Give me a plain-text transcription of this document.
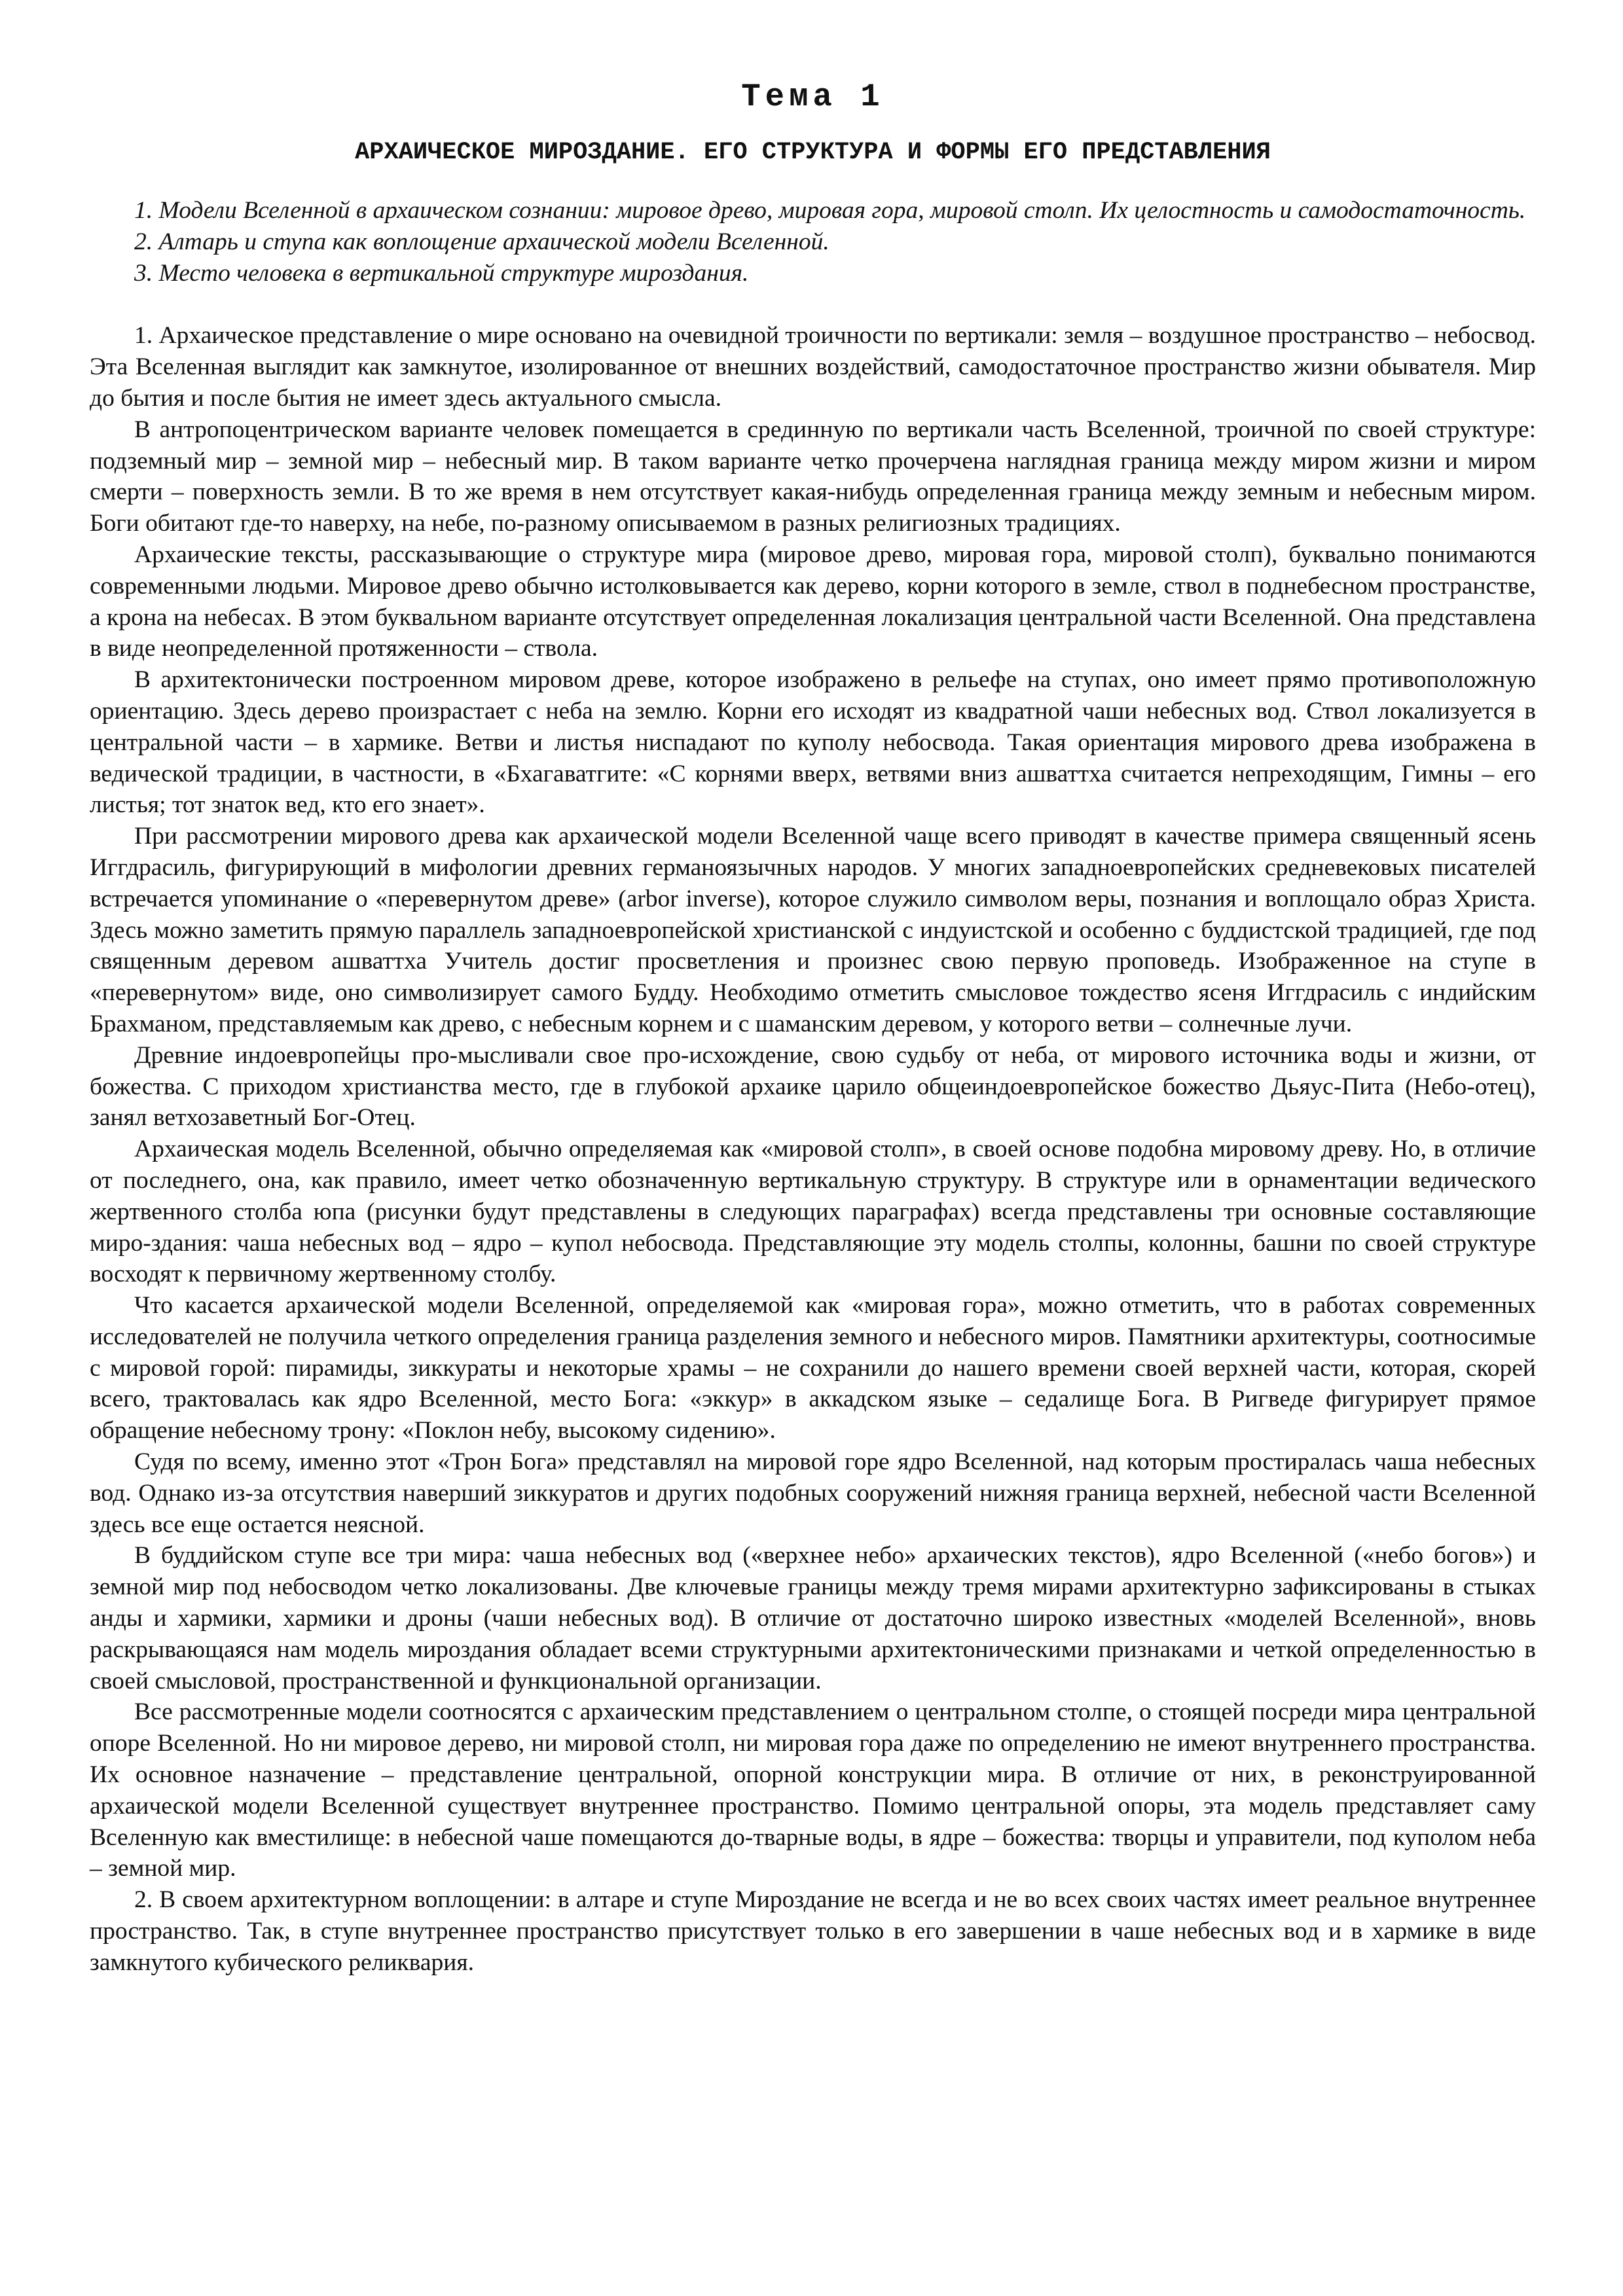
Тема 1
АРХАИЧЕСКОЕ МИРОЗДАНИЕ. ЕГО СТРУКТУРА И ФОРМЫ ЕГО ПРЕДСТАВЛЕНИЯ

1. Модели Вселенной в архаическом сознании: мировое древо, мировая гора, мировой столп. Их целостность и самодостаточность.

2. Алтарь и ступа как воплощение архаической модели Вселенной.

3. Место человека в вертикальной структуре мироздания.

1. Архаическое представление о мире основано на очевидной троичности по вертикали: земля – воздушное пространство – небосвод. Эта Вселенная выглядит как замкнутое, изолированное от внешних воздействий, самодостаточное пространство жизни обывателя. Мир до бытия и после бытия не имеет здесь актуального смысла.

В антропоцентрическом варианте человек помещается в срединную по вертикали часть Вселенной, троичной по своей структуре: подземный мир – земной мир – небесный мир. В таком варианте четко прочерчена наглядная граница между миром жизни и миром смерти – поверхность земли. В то же время в нем отсутствует какая-нибудь определенная граница между земным и небесным миром. Боги обитают где-то наверху, на небе, по-разному описываемом в разных религиозных традициях.

Архаические тексты, рассказывающие о структуре мира (мировое древо, мировая гора, мировой столп), буквально понимаются современными людьми. Мировое древо обычно истолковывается как дерево, корни которого в земле, ствол в поднебесном пространстве, а крона на небесах. В этом буквальном варианте отсутствует определенная локализация центральной части Вселенной. Она представлена в виде неопределенной протяженности – ствола.

В архитектонически построенном мировом древе, которое изображено в рельефе на ступах, оно имеет прямо противоположную ориентацию. Здесь дерево произрастает с неба на землю. Корни его исходят из квадратной чаши небесных вод. Ствол локализуется в центральной части – в хармике. Ветви и листья ниспадают по куполу небосвода. Такая ориентация мирового древа изображена в ведической традиции, в частности, в «Бхагаватгите: «С корнями вверх, ветвями вниз ашваттха считается непреходящим, Гимны – его листья; тот знаток вед, кто его знает».

При рассмотрении мирового древа как архаической модели Вселенной чаще всего приводят в качестве примера священный ясень Иггдрасиль, фигурирующий в мифологии древних германоязычных народов. У многих западноевропейских средневековых писателей встречается упоминание о «перевернутом древе» (arbor inverse), которое служило символом веры, познания и воплощало образ Христа. Здесь можно заметить прямую параллель западноевропейской христианской с индуистской и особенно с буддистской традицией, где под священным деревом ашваттха Учитель достиг просветления и произнес свою первую проповедь. Изображенное на ступе в «перевернутом» виде, оно символизирует самого Будду. Необходимо отметить смысловое тождество ясеня Иггдрасиль с индийским Брахманом, представляемым как древо, с небесным корнем и с шаманским деревом, у которого ветви – солнечные лучи.

Древние индоевропейцы про-мысливали свое про-исхождение, свою судьбу от неба, от мирового источника воды и жизни, от божества. С приходом христианства место, где в глубокой архаике царило общеиндоевропейское божество Дьяус-Пита (Небо-отец), занял ветхозаветный Бог-Отец.

Архаическая модель Вселенной, обычно определяемая как «мировой столп», в своей основе подобна мировому древу. Но, в отличие от последнего, она, как правило, имеет четко обозначенную вертикальную структуру. В структуре или в орнаментации ведического жертвенного столба юпа (рисунки будут представлены в следующих параграфах) всегда представлены три основные составляющие миро-здания: чаша небесных вод – ядро – купол небосвода. Представляющие эту модель столпы, колонны, башни по своей структуре восходят к первичному жертвенному столбу.

Что касается архаической модели Вселенной, определяемой как «мировая гора», можно отметить, что в работах современных исследователей не получила четкого определения граница разделения земного и небесного миров. Памятники архитектуры, соотносимые с мировой горой: пирамиды, зиккураты и некоторые храмы – не сохранили до нашего времени своей верхней части, которая, скорей всего, трактовалась как ядро Вселенной, место Бога: «эккур» в аккадском языке – седалище Бога. В Ригведе фигурирует прямое обращение небесному трону: «Поклон небу, высокому сидению».

Судя по всему, именно этот «Трон Бога» представлял на мировой горе ядро Вселенной, над которым простиралась чаша небесных вод. Однако из-за отсутствия наверший зиккуратов и других подобных сооружений нижняя граница верхней, небесной части Вселенной здесь все еще остается неясной.

В буддийском ступе все три мира: чаша небесных вод («верхнее небо» архаических текстов), ядро Вселенной («небо богов») и земной мир под небосводом четко локализованы. Две ключевые границы между тремя мирами архитектурно зафиксированы в стыках анды и хармики, хармики и дроны (чаши небесных вод). В отличие от достаточно широко известных «моделей Вселенной», вновь раскрывающаяся нам модель мироздания обладает всеми структурными архитектоническими признаками и четкой определенностью в своей смысловой, пространственной и функциональной организации.

Все рассмотренные модели соотносятся с архаическим представлением о центральном столпе, о стоящей посреди мира центральной опоре Вселенной. Но ни мировое дерево, ни мировой столп, ни мировая гора даже по определению не имеют внутреннего пространства. Их основное назначение – представление центральной, опорной конструкции мира. В отличие от них, в реконструированной архаической модели Вселенной существует внутреннее пространство. Помимо центральной опоры, эта модель представляет саму Вселенную как вместилище: в небесной чаше помещаются до-тварные воды, в ядре – божества: творцы и управители, под куполом неба – земной мир.

2. В своем архитектурном воплощении: в алтаре и ступе Мироздание не всегда и не во всех своих частях имеет реальное внутреннее пространство. Так, в ступе внутреннее пространство присутствует только в его завершении в чаше небесных вод и в хармике в виде замкнутого кубического реликвария.
